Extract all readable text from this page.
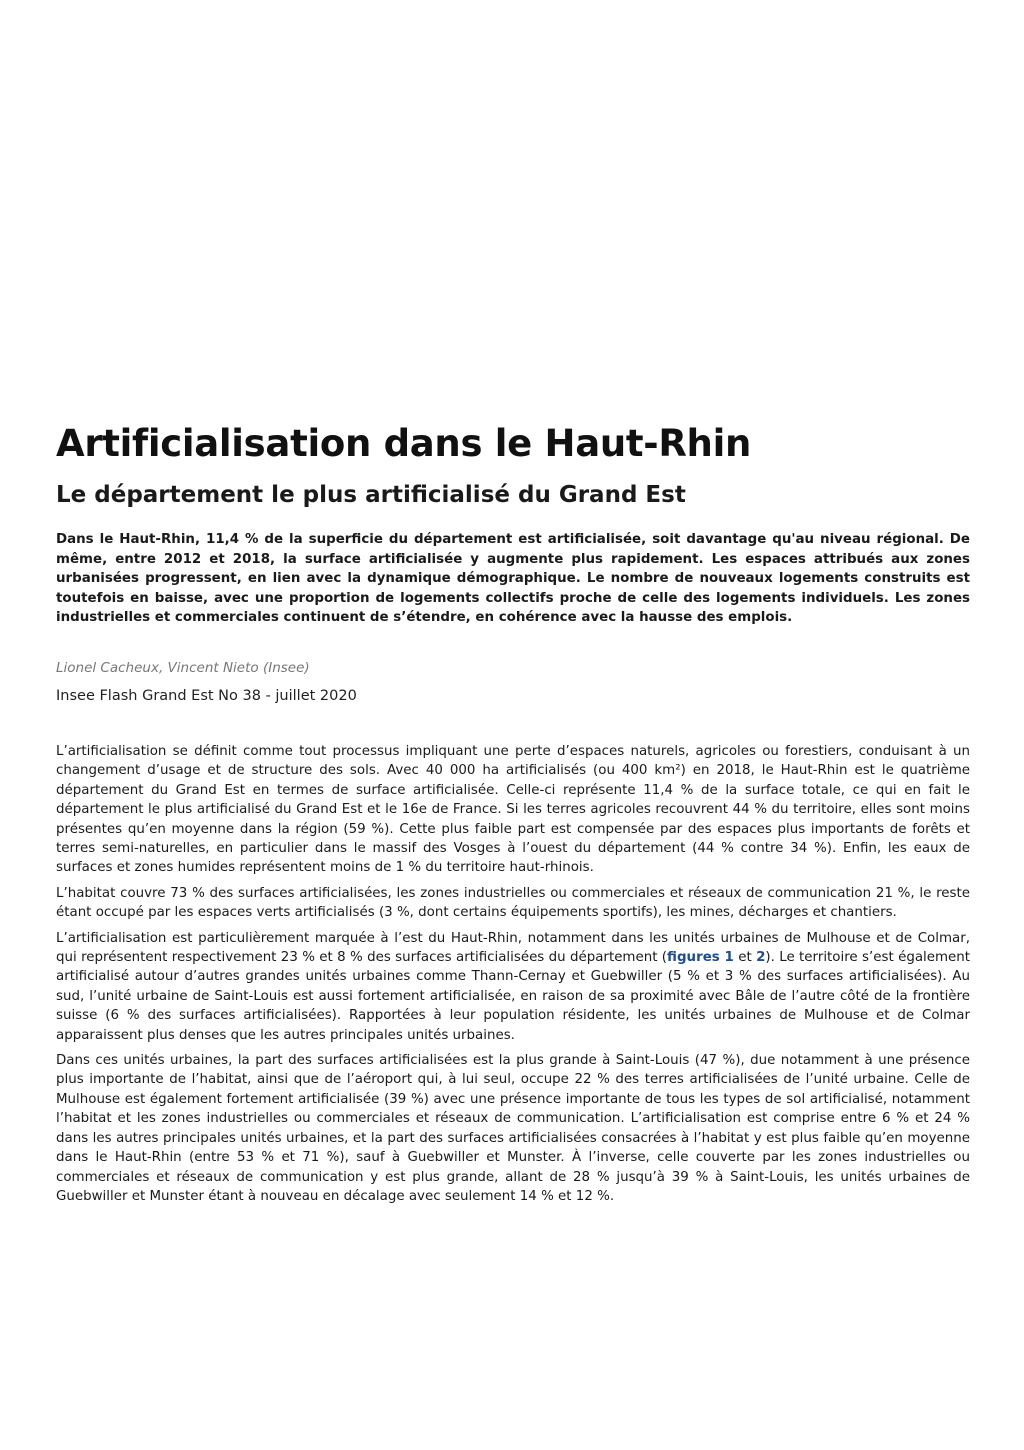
Artificialisation dans le Haut-Rhin
Le département le plus artificialisé du Grand Est

Dans le Haut-Rhin, 11,4 % de la superficie du département est artificialisée, soit davantage qu'au niveau régional. De même, entre 2012 et 2018, la surface artificialisée y augmente plus rapidement. Les espaces attribués aux zones urbanisées progressent, en lien avec la dynamique démographique. Le nombre de nouveaux logements construits est toutefois en baisse, avec une proportion de logements collectifs proche de celle des logements individuels. Les zones industrielles et commerciales continuent de s’étendre, en cohérence avec la hausse des emplois.

Lionel Cacheux, Vincent Nieto (Insee)

Insee Flash Grand Est No 38 - juillet 2020

L’artificialisation se définit comme tout processus impliquant une perte d’espaces naturels, agricoles ou forestiers, conduisant à un changement d’usage et de structure des sols. Avec 40 000 ha artificialisés (ou 400 km²) en 2018, le Haut-Rhin est le quatrième département du Grand Est en termes de surface artificialisée. Celle-ci représente 11,4 % de la surface totale, ce qui en fait le département le plus artificialisé du Grand Est et le 16e de France. Si les terres agricoles recouvrent 44 % du territoire, elles sont moins présentes qu’en moyenne dans la région (59 %). Cette plus faible part est compensée par des espaces plus importants de forêts et terres semi-naturelles, en particulier dans le massif des Vosges à l’ouest du département (44 % contre 34 %). Enfin, les eaux de surfaces et zones humides représentent moins de 1 % du territoire haut-rhinois.

L’habitat couvre 73 % des surfaces artificialisées, les zones industrielles ou commerciales et réseaux de communication 21 %, le reste étant occupé par les espaces verts artificialisés (3 %, dont certains équipements sportifs), les mines, décharges et chantiers.

L’artificialisation est particulièrement marquée à l’est du Haut-Rhin, notamment dans les unités urbaines de Mulhouse et de Colmar, qui représentent respectivement 23 % et 8 % des surfaces artificialisées du département (figures 1 et 2). Le territoire s’est également artificialisé autour d’autres grandes unités urbaines comme Thann-Cernay et Guebwiller (5 % et 3 % des surfaces artificialisées). Au sud, l’unité urbaine de Saint-Louis est aussi fortement artificialisée, en raison de sa proximité avec Bâle de l’autre côté de la frontière suisse (6 % des surfaces artificialisées). Rapportées à leur population résidente, les unités urbaines de Mulhouse et de Colmar apparaissent plus denses que les autres principales unités urbaines.

Dans ces unités urbaines, la part des surfaces artificialisées est la plus grande à Saint-Louis (47 %), due notamment à une présence plus importante de l’habitat, ainsi que de l’aéroport qui, à lui seul, occupe 22 % des terres artificialisées de l’unité urbaine. Celle de Mulhouse est également fortement artificialisée (39 %) avec une présence importante de tous les types de sol artificialisé, notamment l’habitat et les zones industrielles ou commerciales et réseaux de communication. L’artificialisation est comprise entre 6 % et 24 % dans les autres principales unités urbaines, et la part des surfaces artificialisées consacrées à l’habitat y est plus faible qu’en moyenne dans le Haut-Rhin (entre 53 % et 71 %), sauf à Guebwiller et Munster. À l’inverse, celle couverte par les zones industrielles ou commerciales et réseaux de communication y est plus grande, allant de 28 % jusqu’à 39 % à Saint-Louis, les unités urbaines de Guebwiller et Munster étant à nouveau en décalage avec seulement 14 % et 12 %.
